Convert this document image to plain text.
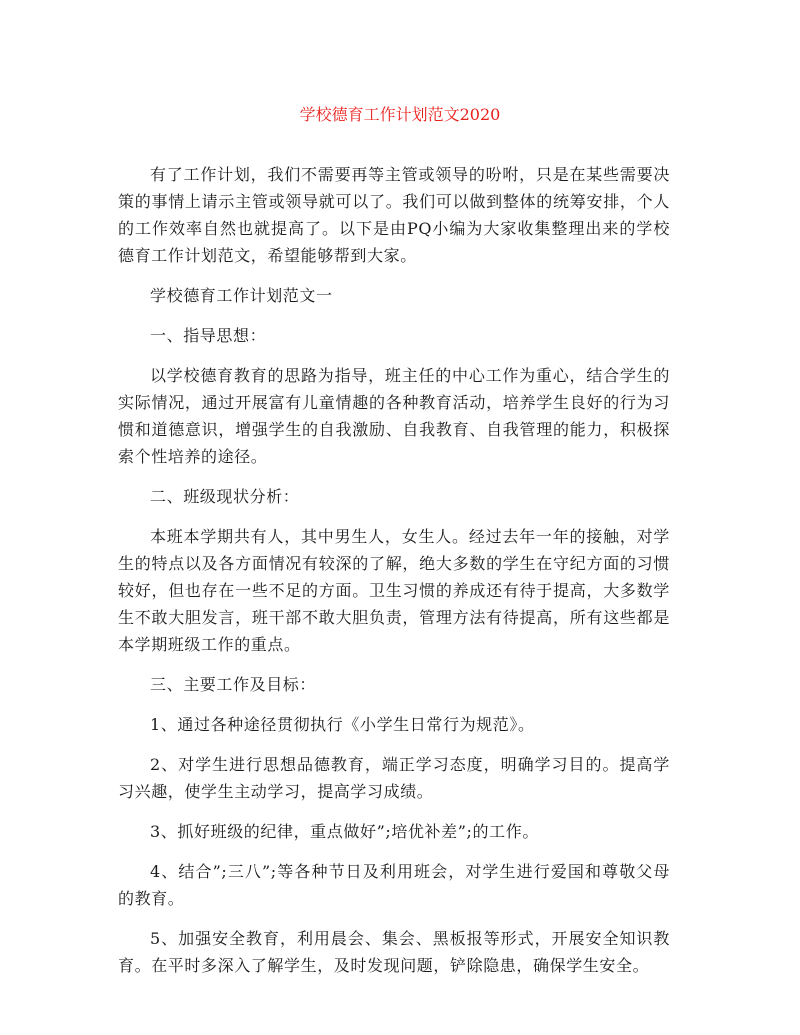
学校德育工作计划范文2020

有了工作计划，我们不需要再等主管或领导的吩咐，只是在某些需要决策的事情上请示主管或领导就可以了。我们可以做到整体的统筹安排，个人的工作效率自然也就提高了。以下是由PQ小编为大家收集整理出来的学校德育工作计划范文，希望能够帮到大家。

学校德育工作计划范文一

一、指导思想：

以学校德育教育的思路为指导，班主任的中心工作为重心，结合学生的实际情况，通过开展富有儿童情趣的各种教育活动，培养学生良好的行为习惯和道德意识，增强学生的自我激励、自我教育、自我管理的能力，积极探索个性培养的途径。

二、班级现状分析：

本班本学期共有人，其中男生人，女生人。经过去年一年的接触，对学生的特点以及各方面情况有较深的了解，绝大多数的学生在守纪方面的习惯较好，但也存在一些不足的方面。卫生习惯的养成还有待于提高，大多数学生不敢大胆发言，班干部不敢大胆负责，管理方法有待提高，所有这些都是本学期班级工作的重点。

三、主要工作及目标：

1、通过各种途径贯彻执行《小学生日常行为规范》。

2、对学生进行思想品德教育，端正学习态度，明确学习目的。提高学习兴趣，使学生主动学习，提高学习成绩。

3、抓好班级的纪律，重点做好”;培优补差”;的工作。

4、结合”;三八”;等各种节日及利用班会，对学生进行爱国和尊敬父母的教育。

5、加强安全教育，利用晨会、集会、黑板报等形式，开展安全知识教育。在平时多深入了解学生，及时发现问题，铲除隐患，确保学生安全。
